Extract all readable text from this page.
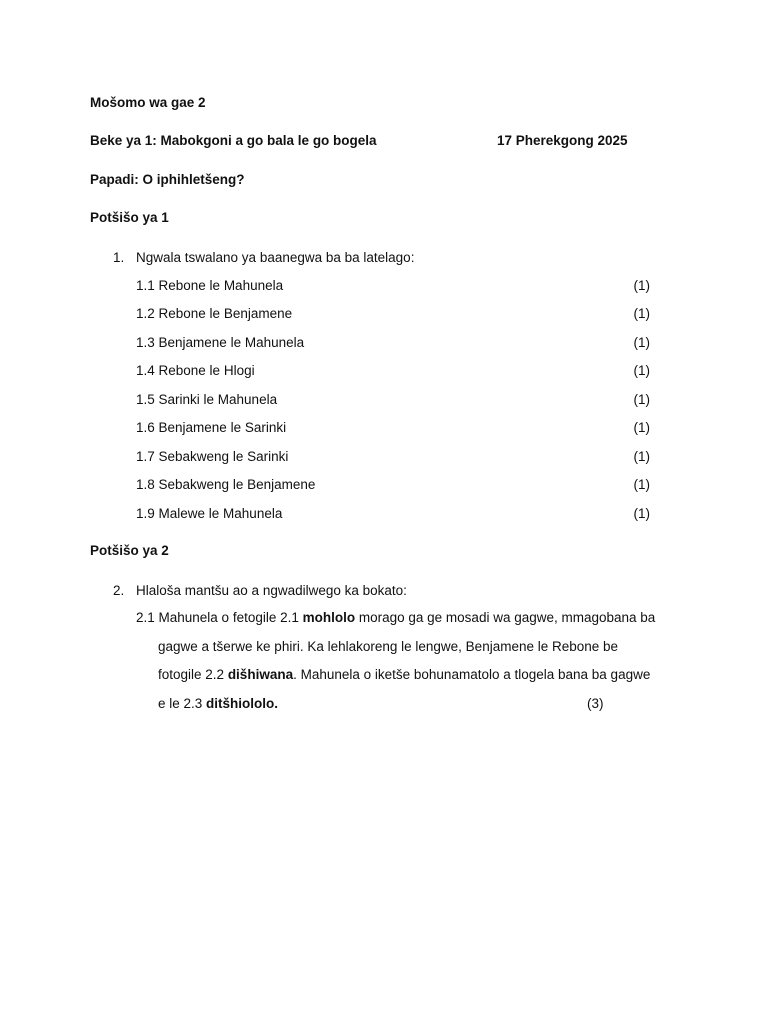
Mošomo wa gae 2
Beke ya 1: Mabokgoni a go bala le go bogela	17 Pherekgong 2025
Papadi: O iphihletšeng?
Potšišo ya 1
1. Ngwala tswalano ya baanegwa ba ba latelago:
1.1 Rebone le Mahunela	(1)
1.2 Rebone le Benjamene	(1)
1.3 Benjamene le Mahunela	(1)
1.4 Rebone le Hlogi	(1)
1.5 Sarinki le Mahunela	(1)
1.6 Benjamene le Sarinki	(1)
1.7 Sebakweng le Sarinki	(1)
1.8 Sebakweng le Benjamene	(1)
1.9 Malewe le Mahunela	(1)
Potšišo ya 2
2. Hlaloša mantšu ao a ngwadilwego ka bokato:
2.1 Mahunela o fetogile 2.1 mohlolo morago ga ge mosadi wa gagwe, mmagobana ba
gagwe a tšerwe ke phiri. Ka lehlakoreng le lengwe, Benjamene le Rebone be
fotogile 2.2 dišhiwana. Mahunela o iketše bohunamatolo a tlogela bana ba gagwe
e le 2.3 ditšhiololo.	(3)
